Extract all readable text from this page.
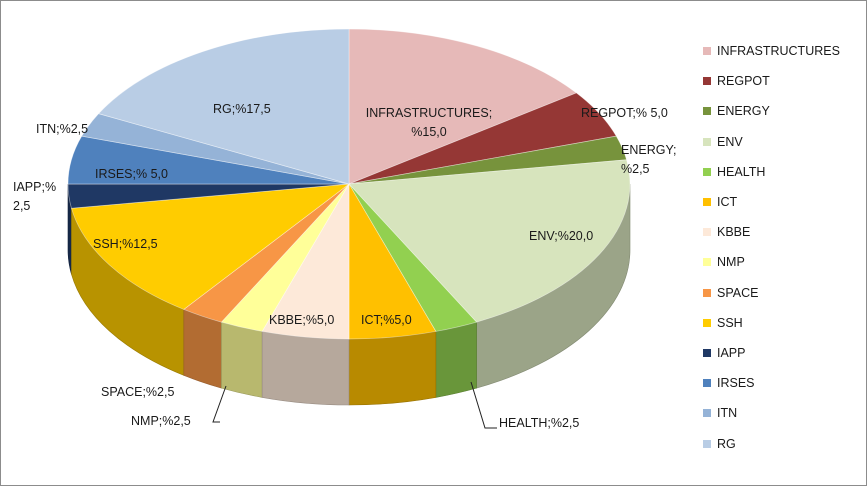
INFRASTRUCTURES; %15,0
REGPOT;% 5,0
ENERGY; %2,5
ENV;%20,0
HEALTH;%2,5
ICT;%5,0
KBBE;%5,0
NMP;%2,5
SPACE;%2,5
SSH;%12,5
IAPP;% 2,5
IRSES;% 5,0
ITN;%2,5
RG;%17,5
INFRASTRUCTURES
REGPOT
ENERGY
ENV
HEALTH
ICT
KBBE
NMP
SPACE
SSH
IAPP
IRSES
ITN
RG
